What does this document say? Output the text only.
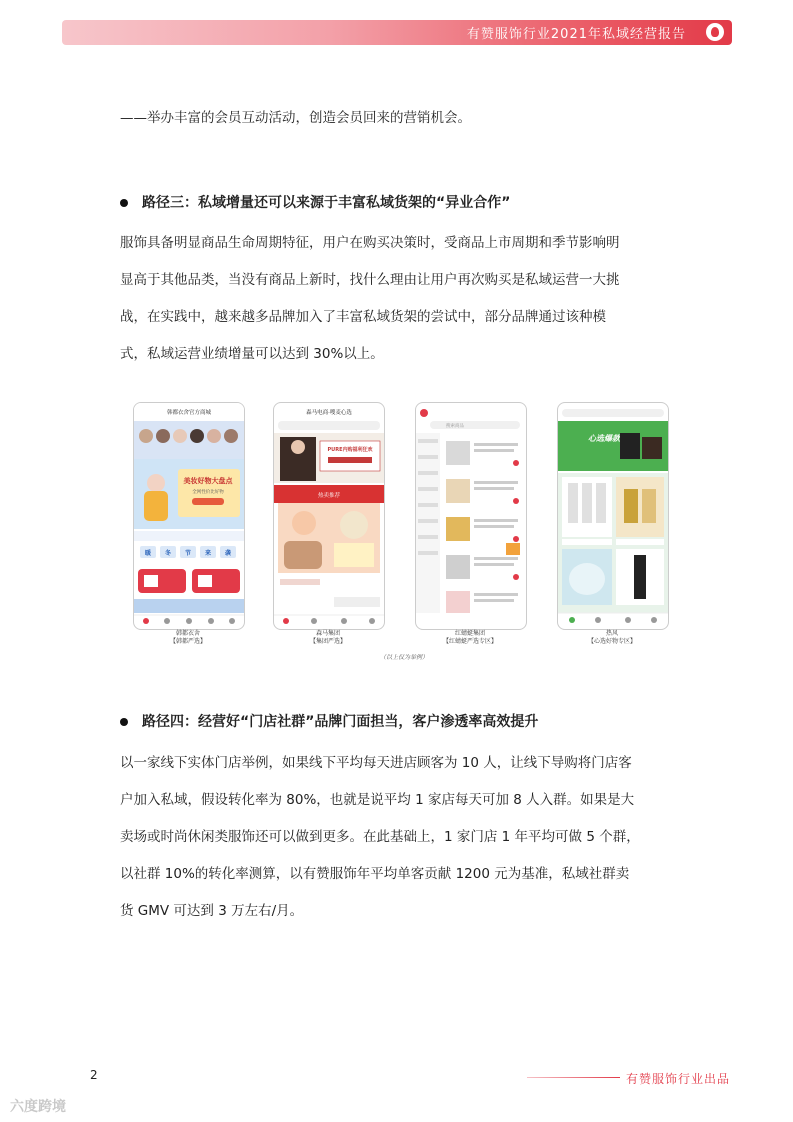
有赞服饰行业2021年私域经营报告
——举办丰富的会员互动活动，创造会员回来的营销机会。
路径三：私域增量还可以来源于丰富私域货架的“异业合作”
服饰具备明显商品生命周期特征，用户在购买决策时，受商品上市周期和季节影响明
显高于其他品类，当没有商品上新时，找什么理由让用户再次购买是私域运营一大挑
战，在实践中，越来越多品牌加入了丰富私域货架的尝试中，部分品牌通过该种模
式，私域运营业绩增量可以达到 30%以上。
韩都衣舍官方商城
美妆好物大盘点
全网性价比好物
暖 冬 节 来 袭
韩都衣舍
【韩都严选】
森马电商·嗖麦心选
PURE内购福利狂欢
热卖推荐
森马集团
【集团严选】
搜索商品
红蜻蜓集团
【红蜻蜓严选专区】
心选爆款
热风
【心选好物专区】
（以上仅为举例）
路径四：经营好“门店社群”品牌门面担当，客户渗透率高效提升
以一家线下实体门店举例，如果线下平均每天进店顾客为 10 人，让线下导购将门店客
户加入私域，假设转化率为 80%，也就是说平均 1 家店每天可加 8 人入群。如果是大
卖场或时尚休闲类服饰还可以做到更多。在此基础上，1 家门店 1 年平均可做 5 个群，
以社群 10%的转化率测算，以有赞服饰年平均单客贡献 1200 元为基准，私域社群卖
货 GMV 可达到 3 万左右/月。
2	有赞服饰行业出品
六度跨境
